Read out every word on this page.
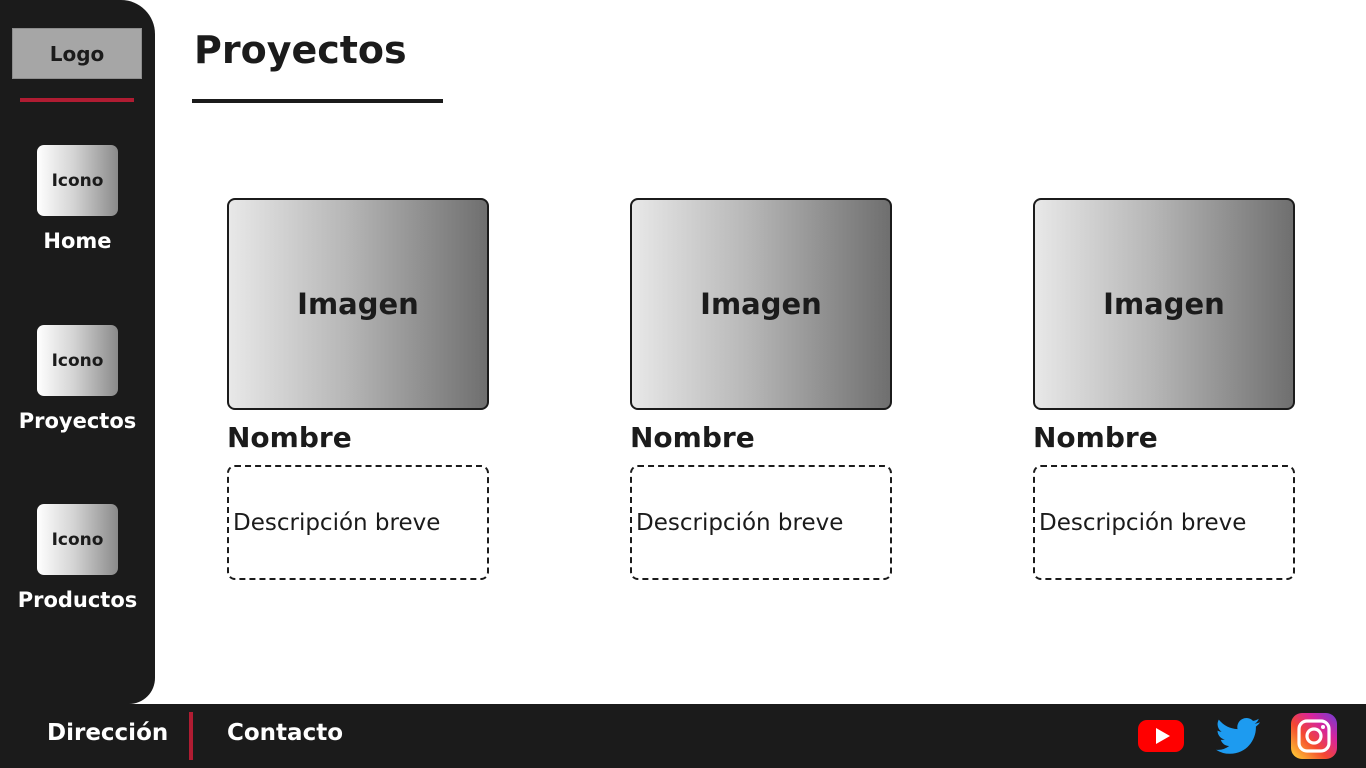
Logo
Icono
Home
Icono
Proyectos
Icono
Productos
Proyectos
Imagen
Nombre
Descripción breve
Imagen
Nombre
Descripción breve
Imagen
Nombre
Descripción breve
Dirección	Contacto
